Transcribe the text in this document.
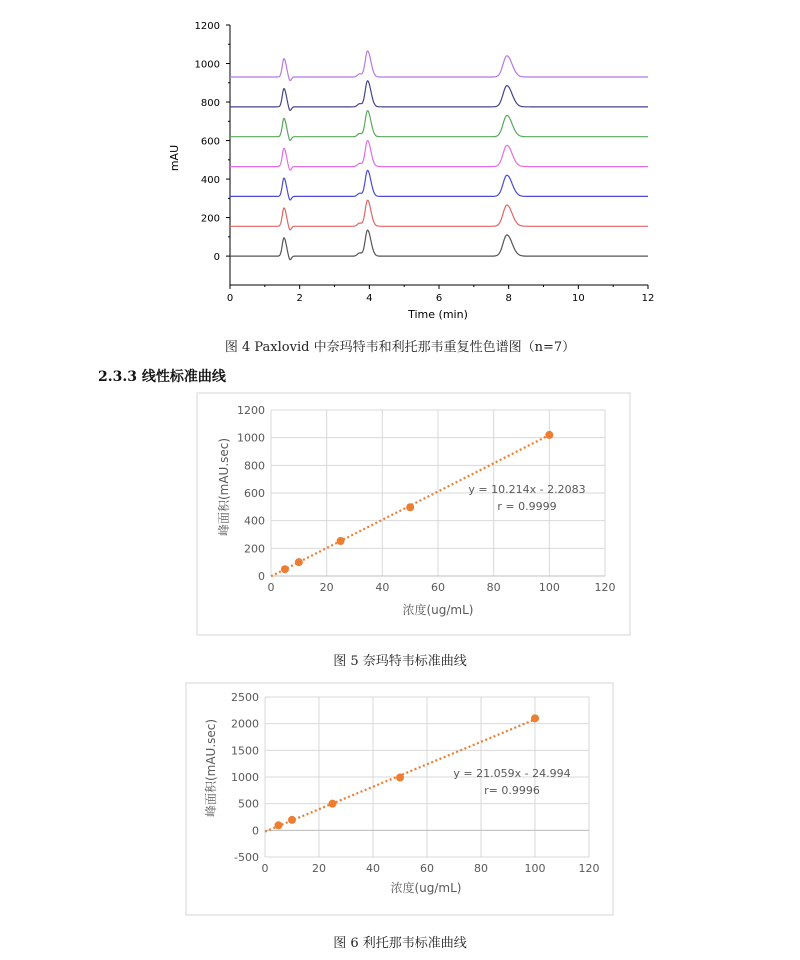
0	2	4	6	8	10	12
0
200
400
600
800
1000
1200
Time (min)
mAU
图 4 Paxlovid 中奈玛特韦和利托那韦重复性色谱图（n=7）
2.3.3 线性标准曲线
0
200
400
600
800
1000
1200
0	20	40	60	80	100	120
y = 10.214x - 2.2083
r = 0.9999
浓度(ug/mL)
峰面积(mAU.sec)
图 5 奈玛特韦标准曲线
-500
0
500
1000
1500
2000
2500
0	20	40	60	80	100	120
y = 21.059x - 24.994
r= 0.9996
浓度(ug/mL)
峰面积(mAU.sec)
图 6 利托那韦标准曲线
